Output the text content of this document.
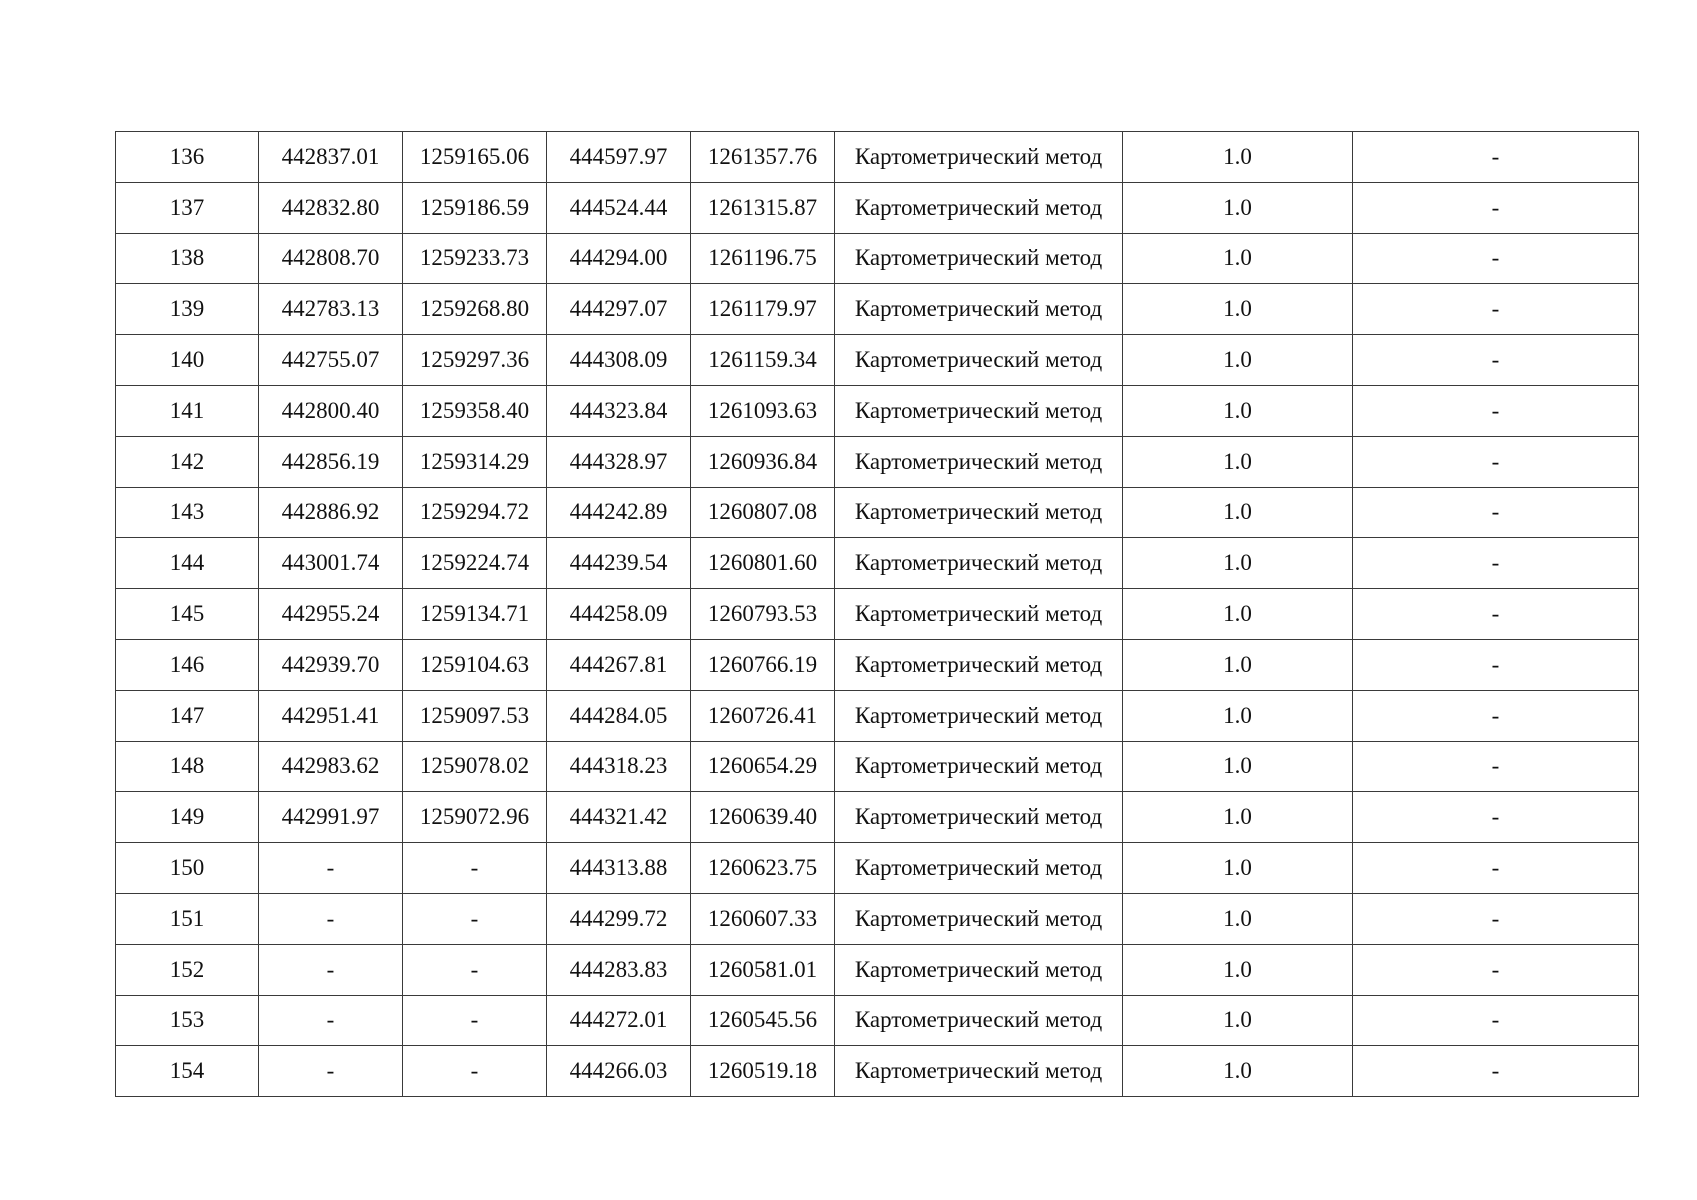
136	442837.01	1259165.06	444597.97	1261357.76	Картометрический метод	1.0	-
137	442832.80	1259186.59	444524.44	1261315.87	Картометрический метод	1.0	-
138	442808.70	1259233.73	444294.00	1261196.75	Картометрический метод	1.0	-
139	442783.13	1259268.80	444297.07	1261179.97	Картометрический метод	1.0	-
140	442755.07	1259297.36	444308.09	1261159.34	Картометрический метод	1.0	-
141	442800.40	1259358.40	444323.84	1261093.63	Картометрический метод	1.0	-
142	442856.19	1259314.29	444328.97	1260936.84	Картометрический метод	1.0	-
143	442886.92	1259294.72	444242.89	1260807.08	Картометрический метод	1.0	-
144	443001.74	1259224.74	444239.54	1260801.60	Картометрический метод	1.0	-
145	442955.24	1259134.71	444258.09	1260793.53	Картометрический метод	1.0	-
146	442939.70	1259104.63	444267.81	1260766.19	Картометрический метод	1.0	-
147	442951.41	1259097.53	444284.05	1260726.41	Картометрический метод	1.0	-
148	442983.62	1259078.02	444318.23	1260654.29	Картометрический метод	1.0	-
149	442991.97	1259072.96	444321.42	1260639.40	Картометрический метод	1.0	-
150	-	-	444313.88	1260623.75	Картометрический метод	1.0	-
151	-	-	444299.72	1260607.33	Картометрический метод	1.0	-
152	-	-	444283.83	1260581.01	Картометрический метод	1.0	-
153	-	-	444272.01	1260545.56	Картометрический метод	1.0	-
154	-	-	444266.03	1260519.18	Картометрический метод	1.0	-
